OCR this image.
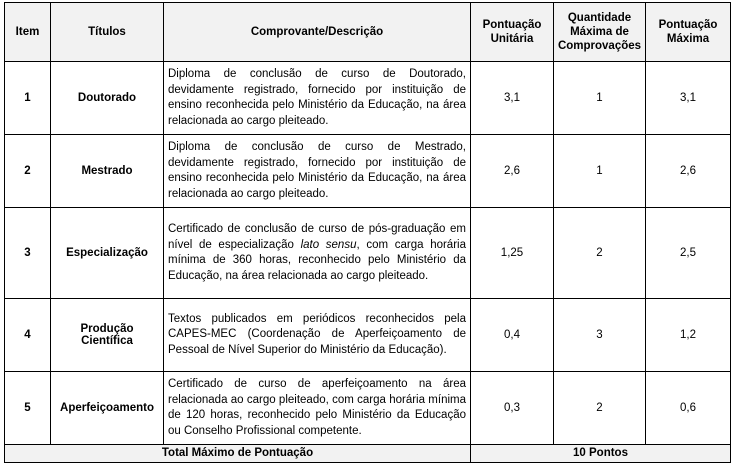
Item	Títulos	Comprovante/Descrição	Pontuação Unitária	Quantidade Máxima de Comprovações	Pontuação Máxima
1	Doutorado	Diploma de conclusão de curso de Doutorado, devidamente registrado, fornecido por instituição de ensino reconhecida pelo Ministério da Educação, na área relacionada ao cargo pleiteado.	3,1	1	3,1
2	Mestrado	Diploma de conclusão de curso de Mestrado, devidamente registrado, fornecido por instituição de ensino reconhecida pelo Ministério da Educação, na área relacionada ao cargo pleiteado.	2,6	1	2,6
3	Especialização	Certificado de conclusão de curso de pós-graduação em nível de especialização lato sensu, com carga horária mínima de 360 horas, reconhecido pelo Ministério da Educação, na área relacionada ao cargo pleiteado.	1,25	2	2,5
4	Produção Científica	Textos publicados em periódicos reconhecidos pela CAPES-MEC (Coordenação de Aperfeiçoamento de Pessoal de Nível Superior do Ministério da Educação).	0,4	3	1,2
5	Aperfeiçoamento	Certificado de curso de aperfeiçoamento na área relacionada ao cargo pleiteado, com carga horária mínima de 120 horas, reconhecido pelo Ministério da Educação ou Conselho Profissional competente.	0,3	2	0,6
Total Máximo de Pontuação			10 Pontos		
